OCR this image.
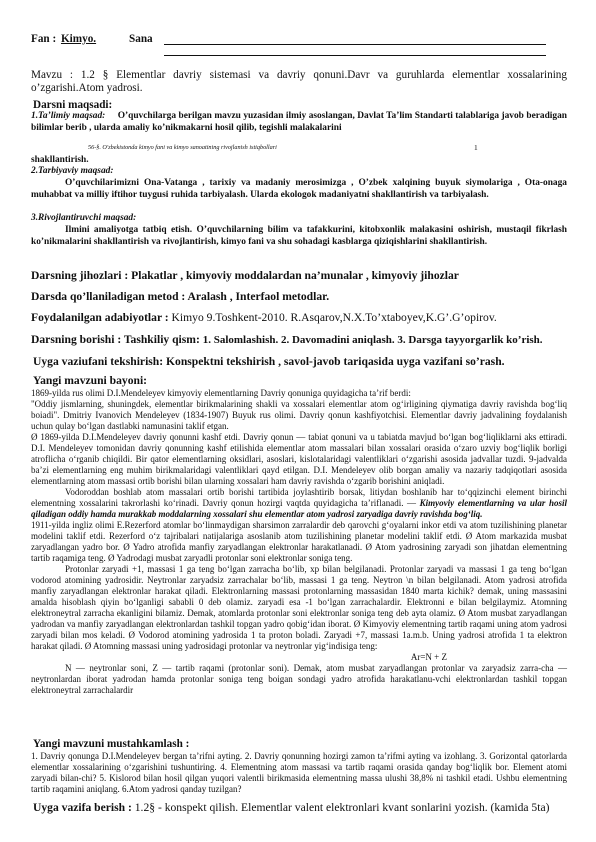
Fan : Kimyo.	Sana
Mavzu : 1.2 § Elementlar davriy sistemasi va davriy qonuni.Davr va guruhlarda elementlar xossalarining o’zgarishi.Atom yadrosi.
Darsni maqsadi:
1.Ta’limiy maqsad: O’quvchilarga berilgan mavzu yuzasidan ilmiy asoslangan, Davlat Ta’lim Standarti talablariga javob beradigan bilimlar berib , ularda amaliy ko’nikmakarni hosil qilib, tegishli malakalarini
56-§. O'zbekistonda kimyo fani va kimyo sanoatining rivojlanish istiqbollari	1
shakllantirish.
2.Tarbiyaviy maqsad:
O’quvchilarimizni Ona-Vatanga , tarixiy va madaniy merosimizga , O’zbek xalqining buyuk siymolariga , Ota-onaga muhabbat va milliy iftihor tuygusi ruhida tarbiyalash. Ularda ekologok madaniyatni shakllantirish va tarbiyalash.
3.Rivojlantiruvchi maqsad:
Ilmini amaliyotga tatbiq etish. O’quvchilarning bilim va tafakkurini, kitobxonlik malakasini oshirish, mustaqil fikrlash ko’nikmalarini shakllantirish va rivojlantirish, kimyo fani va shu sohadagi kasblarga qiziqishlarini shakllantirish.
Darsning jihozlari : Plakatlar , kimyoviy moddalardan na’munalar , kimyoviy jihozlar
Darsda qo’llaniladigan metod : Aralash , Interfaol metodlar.
Foydalanilgan adabiyotlar : Kimyo 9.Toshkent-2010. R.Asqarov,N.X.To’xtaboyev,K.G’.G’opirov.
Darsning borishi : Tashkiliy qism: 1. Salomlashish. 2. Davomadini aniqlash. 3. Darsga tayyorgarlik ko’rish.
Uyga vaziufani tekshirish: Konspektni tekshirish , savol-javob tariqasida uyga vazifani so’rash.
Yangi mavzuni bayoni:
1869-yilda rus olimi D.I.Mendeleyev kimyoviy elementlarning Davriy qonuniga quyidagicha ta’rif berdi:
"Oddiy jismlarning, shuningdek, elementlar birikmalarining shakli va xossalari elementlar atom og‘irligining qiymatiga davriy ravishda bog‘liq boiadi". Dmitriy Ivanovich Mendeleyev (1834-1907) Buyuk rus olimi. Davriy qonun kashfiyotchisi. Elementlar davriy jadvalining foydalanish uchun qulay bo‘lgan dastlabki namunasini taklif etgan.
Ø 1869-yilda D.I.Mendeleyev davriy qonunni kashf etdi. Davriy qonun — tabiat qonuni va u tabiatda mavjud bo‘lgan bog‘liqliklarni aks ettiradi. D.I. Mendeleyev tomonidan davriy qonunning kashf etilishida elementlar atom massalari bilan xossalari orasida o‘zaro uzviy bog‘liqlik borligi atroflicha o‘rganib chiqildi. Bir qator elementlarning oksidlari, asoslari, kislotalaridagi valentliklari o‘zgarishi asosida jadvallar tuzdi. 9-jadvalda ba’zi elementlarning eng muhim birikmalaridagi valentliklari qayd etilgan. D.I. Mendeleyev olib borgan amaliy va nazariy tadqiqotlari asosida elementlarning atom massasi ortib borishi bilan ularning xossalari ham davriy ravishda o‘zgarib borishini aniqladi.
Vodoroddan boshlab atom massalari ortib borishi tartibida joylashtirib borsak, litiydan boshlanib har to‘qqizinchi element birinchi elementning xossalarini takrorlashi ko‘rinadi. Davriy qonun hozirgi vaqtda quyidagicha ta’riflanadi. — Kimyoviy elementlarning va ular hosil qiladigan oddiy hamda murakkab moddalarning xossalari shu elementlar atom yadrosi zaryadiga davriy ravishda bog‘liq.
1911-yilda ingliz olimi E.Rezerford atomlar bo‘linmaydigan sharsimon zarralardir deb qarovchi g‘oyalarni inkor etdi va atom tuzilishining planetar modelini taklif etdi. Rezerford o‘z tajribalari natijalariga asoslanib atom tuzilishining planetar modelini taklif etdi. Ø Atom markazida musbat zaryadlangan yadro bor. Ø Yadro atrofida manfiy zaryadlangan elektronlar harakatlanadi. Ø Atom yadrosining zaryadi son jihatdan elementning tartib raqamiga teng. Ø Yadrodagi musbat zaryadli protonlar soni elektronlar soniga teng.
Protonlar zaryadi +1, massasi 1 ga teng bo‘lgan zarracha bo‘lib, xp bilan belgilanadi. Protonlar zaryadi va massasi 1 ga teng bo‘lgan vodorod atomining yadrosidir. Neytronlar zaryadsiz zarrachalar bo‘lib, massasi 1 ga teng. Neytron \n bilan belgilanadi. Atom yadrosi atrofida manfiy zaryadlangan elektronlar harakat qiladi. Elektronlarning massasi protonlarning massasidan 1840 marta kichik? demak, uning massasini amalda hisoblash qiyin bo‘lganligi sababli 0 deb olamiz. zaryadi esa -1 bo‘lgan zarrachalardir. Elektronni e bilan belgilaymiz. Atomning elektroneytral zarracha ekanligini bilamiz. Demak, atomlarda protonlar soni elektronlar soniga teng deb ayta olamiz. Ø Atom musbat zaryadlangan yadrodan va manfiy zaryadlangan elektronlardan tashkil topgan yadro qobig‘idan iborat. Ø Kimyoviy elementning tartib raqami uning atom yadrosi zaryadi bilan mos keladi. Ø Vodorod atomining yadrosida 1 ta proton boladi. Zaryadi +7, massasi 1a.m.b. Uning yadrosi atrofida 1 ta elektron harakat qiladi. Ø Atomning massasi uning yadrosidagi protonlar va neytronlar yig‘indisiga teng:
Ar=N + Z
N — neytronlar soni, Z — tartib raqami (protonlar soni). Demak, atom musbat zaryadlangan protonlar va zaryadsiz zarra-cha — neytronlardan iborat yadrodan hamda protonlar soniga teng boigan sondagi yadro atrofida harakatlanu-vchi elektronlardan tashkil topgan elektroneytral zarrachalardir
Yangi mavzuni mustahkamlash :
1. Davriy qonunga D.I.Mendeleyev bergan ta’rifni ayting. 2. Davriy qonunning hozirgi zamon ta’rifmi ayting va izohlang. 3. Gorizontal qatorlarda elementlar xossalarining o‘zgarishini tushuntiring. 4. Elementning atom massasi va tartib raqami orasida qanday bog‘liqlik bor. Element atomi zaryadi bilan-chi? 5. Kislorod bilan hosil qilgan yuqori valentli birikmasida elementning massa ulushi 38,8% ni tashkil etadi. Ushbu elementning tartib raqamini aniqlang. 6.Atom yadrosi qanday tuzilgan?
Uyga vazifa berish : 1.2§ - konspekt qilish. Elementlar valent elektronlari kvant sonlarini yozish. (kamida 5ta)
